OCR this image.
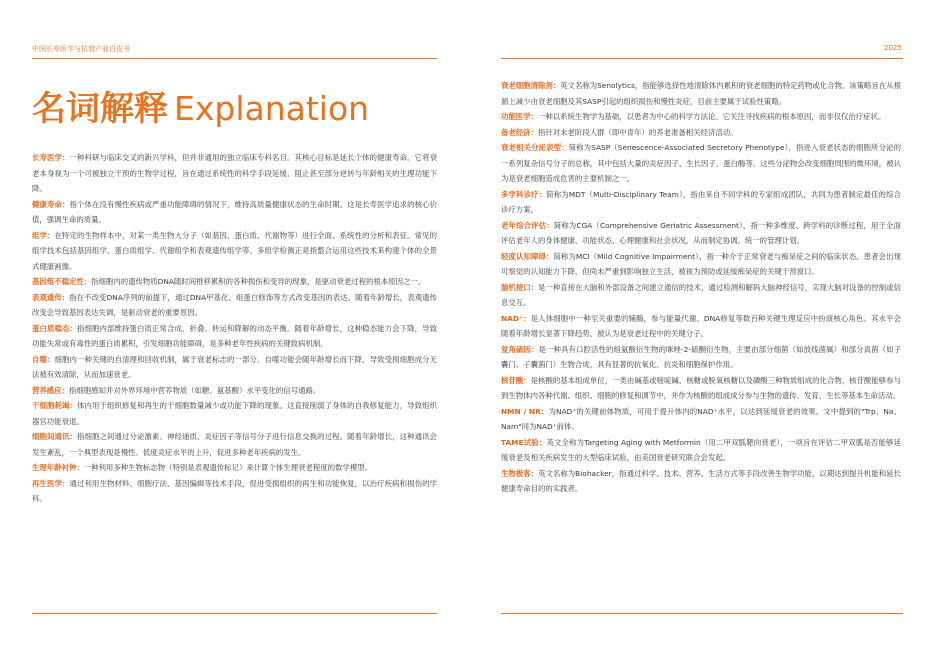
中国长寿医学与抗衰产业白皮书	2025
名词解释 Explanation

长寿医学：一种科研与临床交叉的新兴学科，但并非通用的独立临床专科名目。其核心目标是延长个体的健康寿命。它将衰老本身视为一个可被独立干预的生物学过程，旨在通过系统性的科学手段延缓、阻止甚至部分逆转与年龄相关的生理功能下降。

健康寿命：指个体在没有慢性疾病或严重功能障碍的情况下，维持高质量健康状态的生命时期。这是长寿医学追求的核心价值，强调生命的质量。

组学：在特定的生物样本中，对某一类生物大分子（如基因、蛋白质、代谢物等）进行全面、系统性的分析和表征。常见的组学技术包括基因组学、蛋白质组学、代谢组学和表观遗传组学等。多组学检测正是指整合运用这些技术来构建个体的全景式健康画像。

基因组不稳定性：指细胞内的遗传物质DNA随时间推移累积的各种损伤和变异的现象，是驱动衰老过程的根本原因之一。

表观遗传：指在不改变DNA序列的前提下，通过DNA甲基化、组蛋白修饰等方式改变基因的表达。随着年龄增长，表观遗传改变会导致基因表达失调，是驱动衰老的重要原因。

蛋白质稳态：指细胞内部维持蛋白质正常合成、折叠、转运和降解的动态平衡。随着年龄增长，这种稳态能力会下降，导致功能失常或有毒性的蛋白质累积，引发细胞功能障碍，是多种老年性疾病的关键致病机制。

自噬：细胞内一种关键的自清理和回收机制，属于衰老标志的一部分。自噬功能会随年龄增长而下降，导致受损细胞成分无法被有效清除，从而加速衰老。

营养感应：指细胞感知并对外界环境中营养物质（如糖、氨基酸）水平变化的信号通路。

干细胞耗竭：体内用于组织修复和再生的干细胞数量减少或功能下降的现象。这直接削弱了身体的自我修复能力，导致组织器官功能衰退。

细胞间通讯：指细胞之间通过分泌激素、神经递质、炎症因子等信号分子进行信息交换的过程。随着年龄增长，这种通讯会发生紊乱，一个典型表现是慢性、低度炎症水平的上升，促进多种老年疾病的发生。

生理年龄衬钟：一种利用多种生物标志物（特别是表观遗传标记）来计算个体生理衰老程度的数学模型。

再生医学：通过利用生物材料、细胞疗法、基因编辑等技术手段，促进受损组织的再生和功能恢复，以治疗疾病和损伤的学科。

衰老细胞清除剂：英文名称为Senolytics，指能够选择性地清除体内累积的衰老细胞的特定药物或化合物。该策略旨在从根源上减少由衰老细胞及其SASP引起的组织损伤和慢性炎症，目前主要属于试验性策略。

功能医学：一种以系统生物学为基础，以患者为中心的科学方法论。它关注寻找疾病的根本原因，而非仅仅治疗症状。

备老经济：指针对未老阶段人群（即中青年）的养老准备相关经济活动。

衰老相关分泌表型：简称为SASP（Senescence-Associated Secretory Phenotype），指进入衰老状态的细胞所分泌的一系列复杂信号分子的总称，其中包括大量的炎症因子、生长因子、蛋白酶等。这些分泌物会改变细胞周围的微环境，被认为是衰老细胞造成危害的主要机制之一。

多学科诊疗：简称为MDT（Multi-Disciplinary Team），指由来自不同学科的专家组成团队，共同为患者制定最佳的综合诊疗方案。

老年综合评估：简称为CGA（Comprehensive Geriatric Assessment），指一种多维度、跨学科的诊断过程，用于全面评估老年人的身体健康、功能状态、心理健康和社会状况，从而制定协调、统一的管理计划。

轻度认知障碍：简称为MCI（Mild Cognitive Impairment），指一种介于正常衰老与痴呆症之间的临床状态。患者会出现可察觉的认知能力下降，但尚未严重到影响独立生活，被视为预防或延缓痴呆症的关键干预窗口。

脑机接口：是一种直接在大脑和外部设备之间建立通信的技术，通过检测和解码大脑神经信号，实现大脑对设备的控制或信息交互。

NAD⁺：是人体细胞中一种至关重要的辅酶，参与能量代谢、DNA修复等数百种关键生理反应中扮演核心角色。其水平会随着年龄增长显著下降趋势，被认为是衰老过程中的关键分子。

复角硫因：是一种具有口腔活性的组氨酸衍生物的咪唑-2-硫酮衍生物，主要由部分细菌（如放线菌属）和部分真菌（如子囊门、子囊菌门）生物合成，具有显著的抗氧化、抗炎和细胞保护作用。

核苷酸：是核酸的基本组成单位，一类由碱基或嘧啶碱、核糖或脱氧核糖以及磷酸三种物质组成的化合物。核苷酸能够参与到生物体内各种代谢、组织、细胞的修复和调节中，并作为核酸的组成成分参与生物的遗传、发育、生长等基本生命活动。

NMN / NR：为NAD⁺的关键前体物质，可用于提升体内的NAD⁺水平，以达到延缓衰老的效果。文中提到的"Trp、Na、Nam"同为NAD⁺前体。

TAME试验：英文全称为Targeting Aging with Metformin（用二甲双胍靶向衰老），一项旨在评估二甲双胍是否能够延缓衰老及相关疾病发生的大型临床试验，由美国衰老研究联合会发起。

生物极客：英文名称为Biohacker，指通过科学、技术、营养、生活方式等手段改善生物学功能，以期达到提升机能和延长健康寿命目的的实践者。
